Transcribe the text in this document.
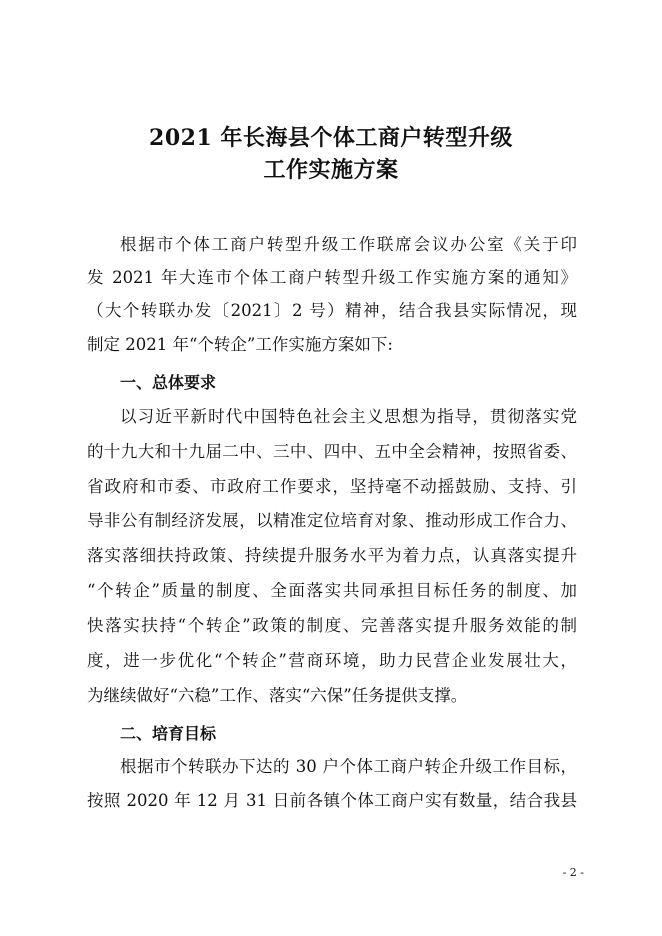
2021 年长海县个体工商户转型升级
工作实施方案
根据市个体工商户转型升级工作联席会议办公室《关于印
发 2021 年大连市个体工商户转型升级工作实施方案的通知》
（大个转联办发〔2021〕2 号）精神，结合我县实际情况，现
制定 2021 年“个转企”工作实施方案如下:
一、总体要求
以习近平新时代中国特色社会主义思想为指导，贯彻落实党
的十九大和十九届二中、三中、四中、五中全会精神，按照省委、
省政府和市委、市政府工作要求，坚持毫不动摇鼓励、支持、引
导非公有制经济发展，以精准定位培育对象、推动形成工作合力、
落实落细扶持政策、持续提升服务水平为着力点，认真落实提升
“个转企”质量的制度、全面落实共同承担目标任务的制度、加
快落实扶持“个转企”政策的制度、完善落实提升服务效能的制
度，进一步优化“个转企”营商环境，助力民营企业发展壮大，
为继续做好“六稳”工作、落实“六保”任务提供支撑。
二、培育目标
根据市个转联办下达的 30 户个体工商户转企升级工作目标，
按照 2020 年 12 月 31 日前各镇个体工商户实有数量，结合我县
- 2 -
